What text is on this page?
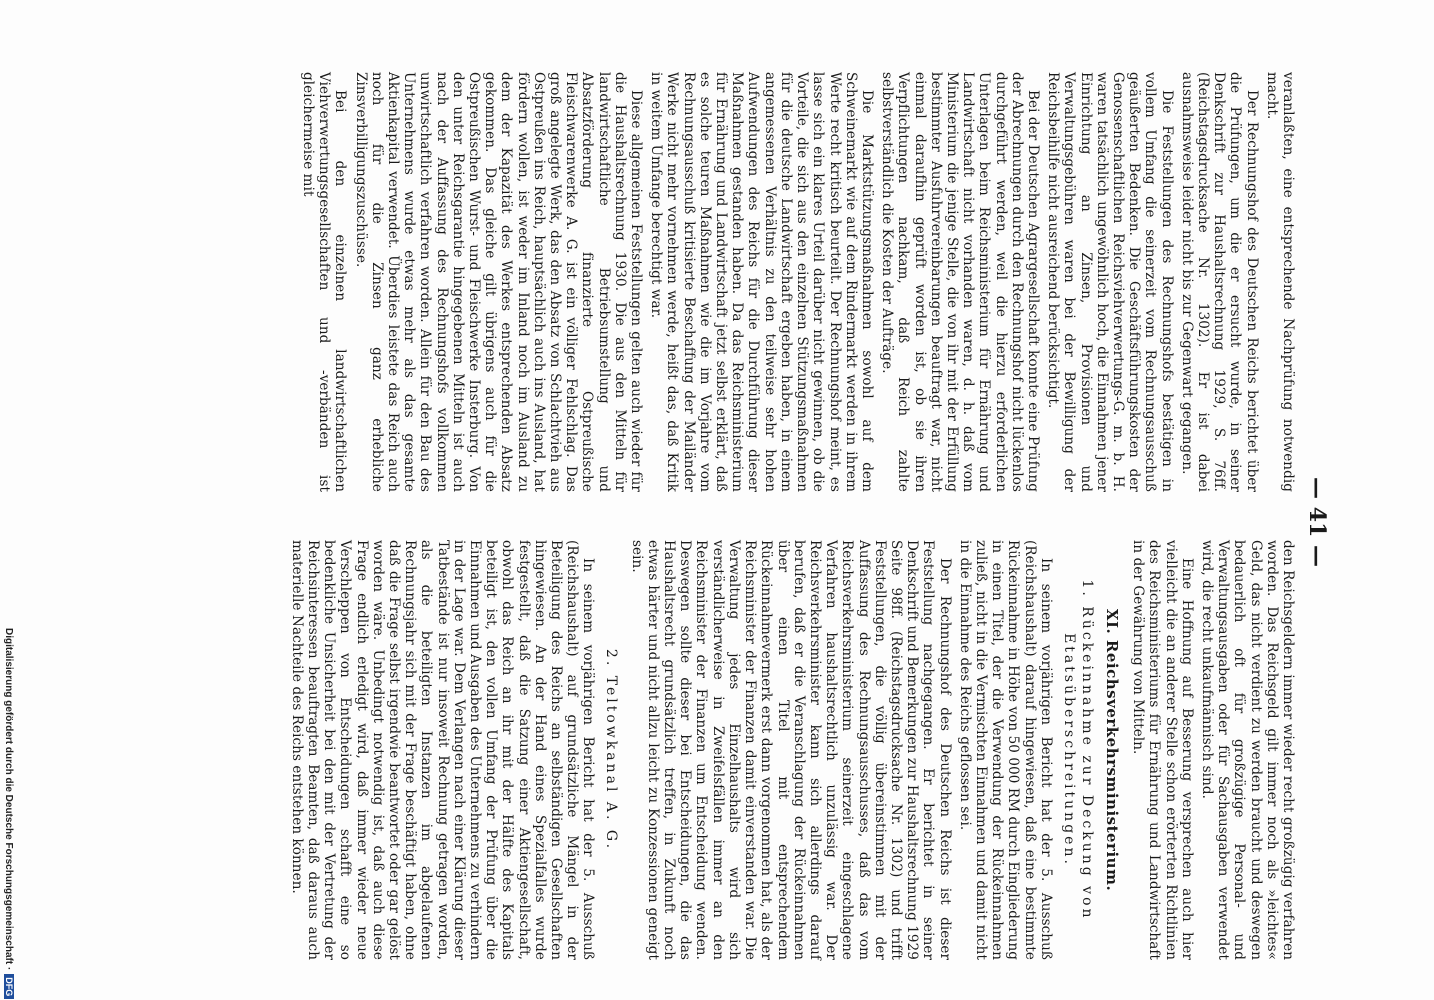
— 41 —

veranlaßten, eine entsprechende Nachprüfung notwendig macht.

Der Rechnungshof des Deutschen Reichs berichtet über die Prüfungen, um die er ersucht wurde, in seiner Denkschrift zur Haushaltsrechnung 1929, S. 76ff. (Reichstagsdrucksache Nr. 1302). Er ist dabei ausnahmsweise leider nicht bis zur Gegenwart gegangen.

Die Feststellungen des Rechnungshofs bestätigen in vollem Umfang die seinerzeit vom Rechnungsausschuß geäußerten Bedenken. Die Geschäftsführungskosten der Genossenschaftlichen Reichsviehverwertungs-G. m. b. H. waren tatsächlich ungewöhnlich hoch, die Einnahmen jener Einrichtung an Zinsen, Provisionen und Verwaltungsgebühren waren bei der Bewilligung der Reichsbeihilfe nicht ausreichend berücksichtigt.

Bei der Deutschen Agrargesellschaft konnte eine Prüfung der Abrechnungen durch den Rechnungshof nicht lückenlos durchgeführt werden, weil die hierzu erforderlichen Unterlagen beim Reichsministerium für Ernährung und Landwirtschaft nicht vorhanden waren, d. h. daß vom Ministerium die jenige Stelle, die von ihr mit der Erfüllung bestimmter Ausfuhrvereinbarungen beauftragt war, nicht einmal daraufhin geprüft worden ist, ob sie ihren Verpflichtungen nachkam, daß Reich zahlte selbstverständlich die Kosten der Aufträge.

Die Marktstützungsmaßnahmen sowohl auf dem Schweinemarkt wie auf dem Rindermarkt werden in ihrem Werte recht kritisch beurteilt. Der Rechnungshof meint, es lasse sich ein klares Urteil darüber nicht gewinnen, ob die Vorteile, die sich aus den einzelnen Stützungsmaßnahmen für die deutsche Landwirtschaft ergeben haben, in einem angemessenen Verhältnis zu den teilweise sehr hohen Aufwendungen des Reichs für die Durchführung dieser Maßnahmen gestanden haben. Da das Reichsministerium für Ernährung und Landwirtschaft jetzt selbst erklärt, daß es solche teuren Maßnahmen wie die im Vorjahre vom Rechnungsausschuß kritisierte Beschaffung der Mailänder Werke nicht mehr vornehmen werde, heißt das, daß Kritik in weitem Umfange berechtigt war.

Diese allgemeinen Feststellungen gelten auch wieder für die Haushaltsrechnung 1930. Die aus den Mitteln für landwirtschaftliche Betriebsumstellung und Absatzförderung finanzierte Ostpreußische Fleischwarenwerke A. G. ist ein völliger Fehlschlag. Das groß angelegte Werk, das den Absatz von Schlachtvieh aus Ostpreußen ins Reich, hauptsächlich auch ins Ausland, hat fördern wollen, ist weder im Inland noch im Ausland zu dem der Kapazität des Werkes entsprechenden Absatz gekommen. Das gleiche gilt übrigens auch für die Ostpreußischen Wurst- und Fleischwerke Insterburg. Von den unter Reichsgarantie hingegebenen Mitteln ist auch nach der Auffassung des Rechnungshofs vollkommen unwirtschaftlich verfahren worden. Allein für den Bau des Unternehmens wurde etwas mehr als das gesamte Aktienkapital verwendet. Überdies leistete das Reich auch noch für die Zinsen ganz erhebliche Zinsverbilligungszuschüsse.

Bei den einzelnen landwirtschaftlichen Viehverwertungsgesellschaften und -verbänden ist gleichermeise mit

den Reichsgeldern immer wieder recht großzügig verfahren worden. Das Reichsgeld gilt immer noch als »leichtes« Geld, das nicht verdient zu werden braucht und deswegen bedauerlich oft für großzügige Personal- und Verwaltungsausgaben oder für Sachausgaben verwendet wird, die recht unkaufmännisch sind.

Eine Hoffnung auf Besserung versprechen auch hier vielleicht die an anderer Stelle schon erörterten Richtlinien des Reichsministeriums für Ernährung und Landwirtschaft in der Gewährung von Mitteln.

XI. Reichsverkehrsministerium.
1. Rückeinnahme zur Deckung von Etatsüberschreitungen.

In seinem vorjährigen Bericht hat der 5. Ausschuß (Reichshaushalt) darauf hingewiesen, daß eine bestimmte Rückeinnahme in Höhe von 50 000 RM durch Eingliederung in einen Titel, der die Verwendung der Rückeinnahmen zuließ, nicht in die Vermischten Einnahmen und damit nicht in die Einnahme des Reichs geflossen sei.

Der Rechnungshof des Deutschen Reichs ist dieser Feststellung nachgegangen. Er berichtet in seiner Denkschrift und Bemerkungen zur Haushaltsrechnung 1929 Seite 98ff. (Reichstagsdrucksache Nr. 1302) und trifft Feststellungen, die völlig übereinstimmen mit der Auffassung des Rechnungsausschusses, daß das vom Reichsverkehrsministerium seinerzeit eingeschlagene Verfahren haushaltsrechtlich unzulässig war. Der Reichsverkehrsminister kann sich allerdings darauf berufen, daß er die Veranschlagung der Rückeinnahmen über einen Titel mit entsprechendem Rückeinnahmevermerk erst dann vorgenommen hat, als der Reichsminister der Finanzen damit einverstanden war. Die Verwaltung jedes Einzelhaushalts wird sich verständlicherweise in Zweifelsfällen immer an den Reichsminister der Finanzen um Entscheidung wenden. Deswegen sollte dieser bei Entscheidungen, die das Haushaltsrecht grundsätzlich treffen, in Zukunft noch etwas härter und nicht allzu leicht zu Konzessionen geneigt sein.

2. Teltowkanal A. G.

In seinem vorjährigen Bericht hat der 5. Ausschuß (Reichshaushalt) auf grundsätzliche Mängel in der Beteiligung des Reichs an selbständigen Gesellschaften hingewiesen. An der Hand eines Spezialfalles wurde festgestellt, daß die Satzung einer Aktiengesellschaft, obwohl das Reich an ihr mit der Hälfte des Kapitals beteiligt ist, den vollen Umfang der Prüfung über die Einnahmen und Ausgaben des Unternehmens zu verhindern in der Lage war. Dem Verlangen nach einer Klärung dieser Tatbestände ist nur insoweit Rechnung getragen worden, als die beteiligten Instanzen im abgelaufenen Rechnungsjahr sich mit der Frage beschäftigt haben, ohne daß die Frage selbst irgendwie beantwortet oder gar gelöst worden wäre. Unbedingt notwendig ist, daß auch diese Frage endlich erledigt wird, daß immer wieder neue Verschleppen von Entscheidungen schafft eine so bedenkliche Unsicherheit bei den mit der Vertretung der Reichsinteressen beauftragten Beamten, daß daraus auch materielle Nachteile des Reichs entstehen können.

Digitalisierung gefördert durch die Deutsche Forschungsgemeinschaft ·DFG
